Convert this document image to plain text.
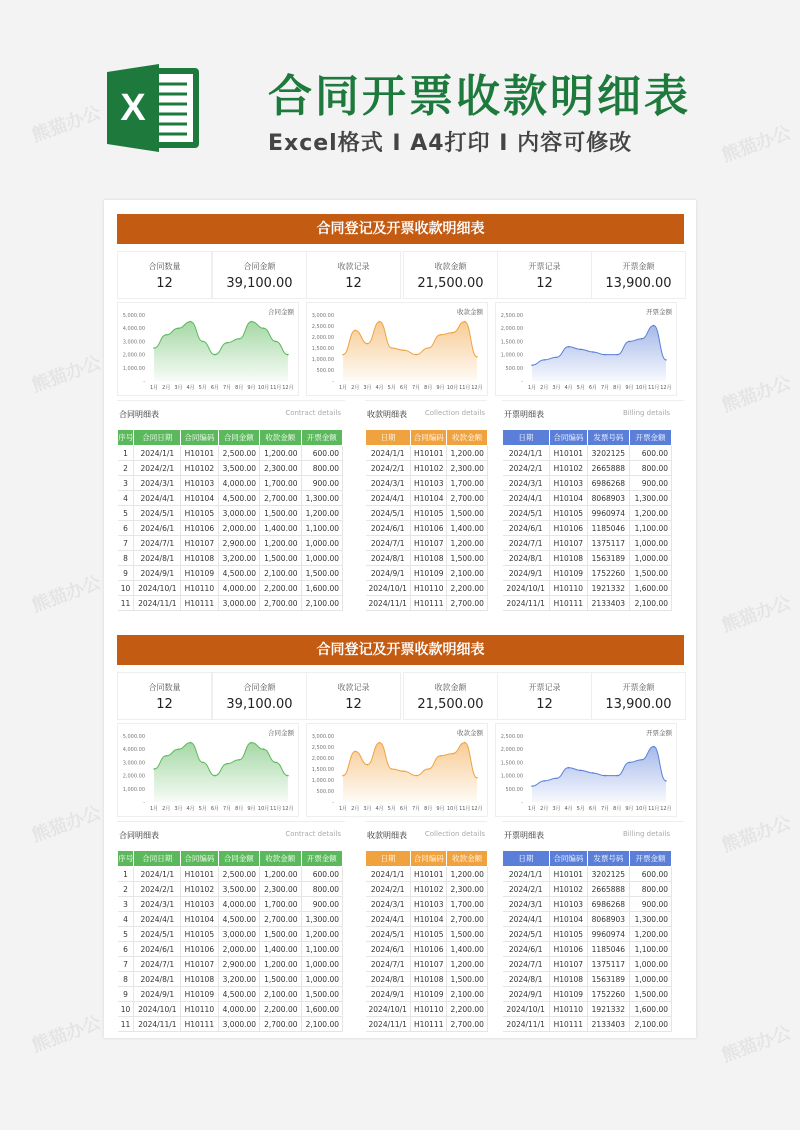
X	合同开票收款明细表
Excel格式 I A4打印 I 内容可修改
合同登记及开票收款明细表
合同数量
12
合同金额
39,100.00
收款记录
12
收款金额
21,500.00
开票记录
12
开票金额
13,900.00
5,000.00
4,000.00
3,000.00
2,000.00
1,000.00
-
1月 2月 3月 4月 5月 6月 7月 8月 9月 10月 11月 12月
合同金额	3,000.00
2,500.00
2,000.00
1,500.00
1,000.00
500.00
-
1月 2月 3月 4月 5月 6月 7月 8月 9月 10月 11月 12月
收款金额	2,500.00
2,000.00
1,500.00
1,000.00
500.00
-
1月 2月 3月 4月 5月 6月 7月 8月 9月 10月 11月 12月
开票金额
合同明细表	Contract details
序号	合同日期	合同编码	合同金额	收款金额	开票金额
1	2024/1/1	H10101	2,500.00	1,200.00	600.00
2	2024/2/1	H10102	3,500.00	2,300.00	800.00
3	2024/3/1	H10103	4,000.00	1,700.00	900.00
4	2024/4/1	H10104	4,500.00	2,700.00	1,300.00
5	2024/5/1	H10105	3,000.00	1,500.00	1,200.00
6	2024/6/1	H10106	2,000.00	1,400.00	1,100.00
7	2024/7/1	H10107	2,900.00	1,200.00	1,000.00
8	2024/8/1	H10108	3,200.00	1,500.00	1,000.00
9	2024/9/1	H10109	4,500.00	2,100.00	1,500.00
10	2024/10/1	H10110	4,000.00	2,200.00	1,600.00
11	2024/11/1	H10111	3,000.00	2,700.00	2,100.00
收款明细表	Collection details
日期	合同编码	收款金额
2024/1/1	H10101	1,200.00
2024/2/1	H10102	2,300.00
2024/3/1	H10103	1,700.00
2024/4/1	H10104	2,700.00
2024/5/1	H10105	1,500.00
2024/6/1	H10106	1,400.00
2024/7/1	H10107	1,200.00
2024/8/1	H10108	1,500.00
2024/9/1	H10109	2,100.00
2024/10/1	H10110	2,200.00
2024/11/1	H10111	2,700.00
开票明细表	Billing details
日期	合同编码	发票号码	开票金额
2024/1/1	H10101	3202125	600.00
2024/2/1	H10102	2665888	800.00
2024/3/1	H10103	6986268	900.00
2024/4/1	H10104	8068903	1,300.00
2024/5/1	H10105	9960974	1,200.00
2024/6/1	H10106	1185046	1,100.00
2024/7/1	H10107	1375117	1,000.00
2024/8/1	H10108	1563189	1,000.00
2024/9/1	H10109	1752260	1,500.00
2024/10/1	H10110	1921332	1,600.00
2024/11/1	H10111	2133403	2,100.00
合同登记及开票收款明细表
合同数量
12
合同金额
39,100.00
收款记录
12
收款金额
21,500.00
开票记录
12
开票金额
13,900.00
5,000.00
4,000.00
3,000.00
2,000.00
1,000.00
-
1月 2月 3月 4月 5月 6月 7月 8月 9月 10月 11月 12月
合同金额	3,000.00
2,500.00
2,000.00
1,500.00
1,000.00
500.00
-
1月 2月 3月 4月 5月 6月 7月 8月 9月 10月 11月 12月
收款金额	2,500.00
2,000.00
1,500.00
1,000.00
500.00
-
1月 2月 3月 4月 5月 6月 7月 8月 9月 10月 11月 12月
开票金额
合同明细表	Contract details
序号	合同日期	合同编码	合同金额	收款金额	开票金额
1	2024/1/1	H10101	2,500.00	1,200.00	600.00
2	2024/2/1	H10102	3,500.00	2,300.00	800.00
3	2024/3/1	H10103	4,000.00	1,700.00	900.00
4	2024/4/1	H10104	4,500.00	2,700.00	1,300.00
5	2024/5/1	H10105	3,000.00	1,500.00	1,200.00
6	2024/6/1	H10106	2,000.00	1,400.00	1,100.00
7	2024/7/1	H10107	2,900.00	1,200.00	1,000.00
8	2024/8/1	H10108	3,200.00	1,500.00	1,000.00
9	2024/9/1	H10109	4,500.00	2,100.00	1,500.00
10	2024/10/1	H10110	4,000.00	2,200.00	1,600.00
11	2024/11/1	H10111	3,000.00	2,700.00	2,100.00
收款明细表	Collection details
日期	合同编码	收款金额
2024/1/1	H10101	1,200.00
2024/2/1	H10102	2,300.00
2024/3/1	H10103	1,700.00
2024/4/1	H10104	2,700.00
2024/5/1	H10105	1,500.00
2024/6/1	H10106	1,400.00
2024/7/1	H10107	1,200.00
2024/8/1	H10108	1,500.00
2024/9/1	H10109	2,100.00
2024/10/1	H10110	2,200.00
2024/11/1	H10111	2,700.00
开票明细表	Billing details
日期	合同编码	发票号码	开票金额
2024/1/1	H10101	3202125	600.00
2024/2/1	H10102	2665888	800.00
2024/3/1	H10103	6986268	900.00
2024/4/1	H10104	8068903	1,300.00
2024/5/1	H10105	9960974	1,200.00
2024/6/1	H10106	1185046	1,100.00
2024/7/1	H10107	1375117	1,000.00
2024/8/1	H10108	1563189	1,000.00
2024/9/1	H10109	1752260	1,500.00
2024/10/1	H10110	1921332	1,600.00
2024/11/1	H10111	2133403	2,100.00
熊猫办公	熊猫办公
熊猫办公	熊猫办公
熊猫办公	熊猫办公
熊猫办公	熊猫办公
熊猫办公	熊猫办公
